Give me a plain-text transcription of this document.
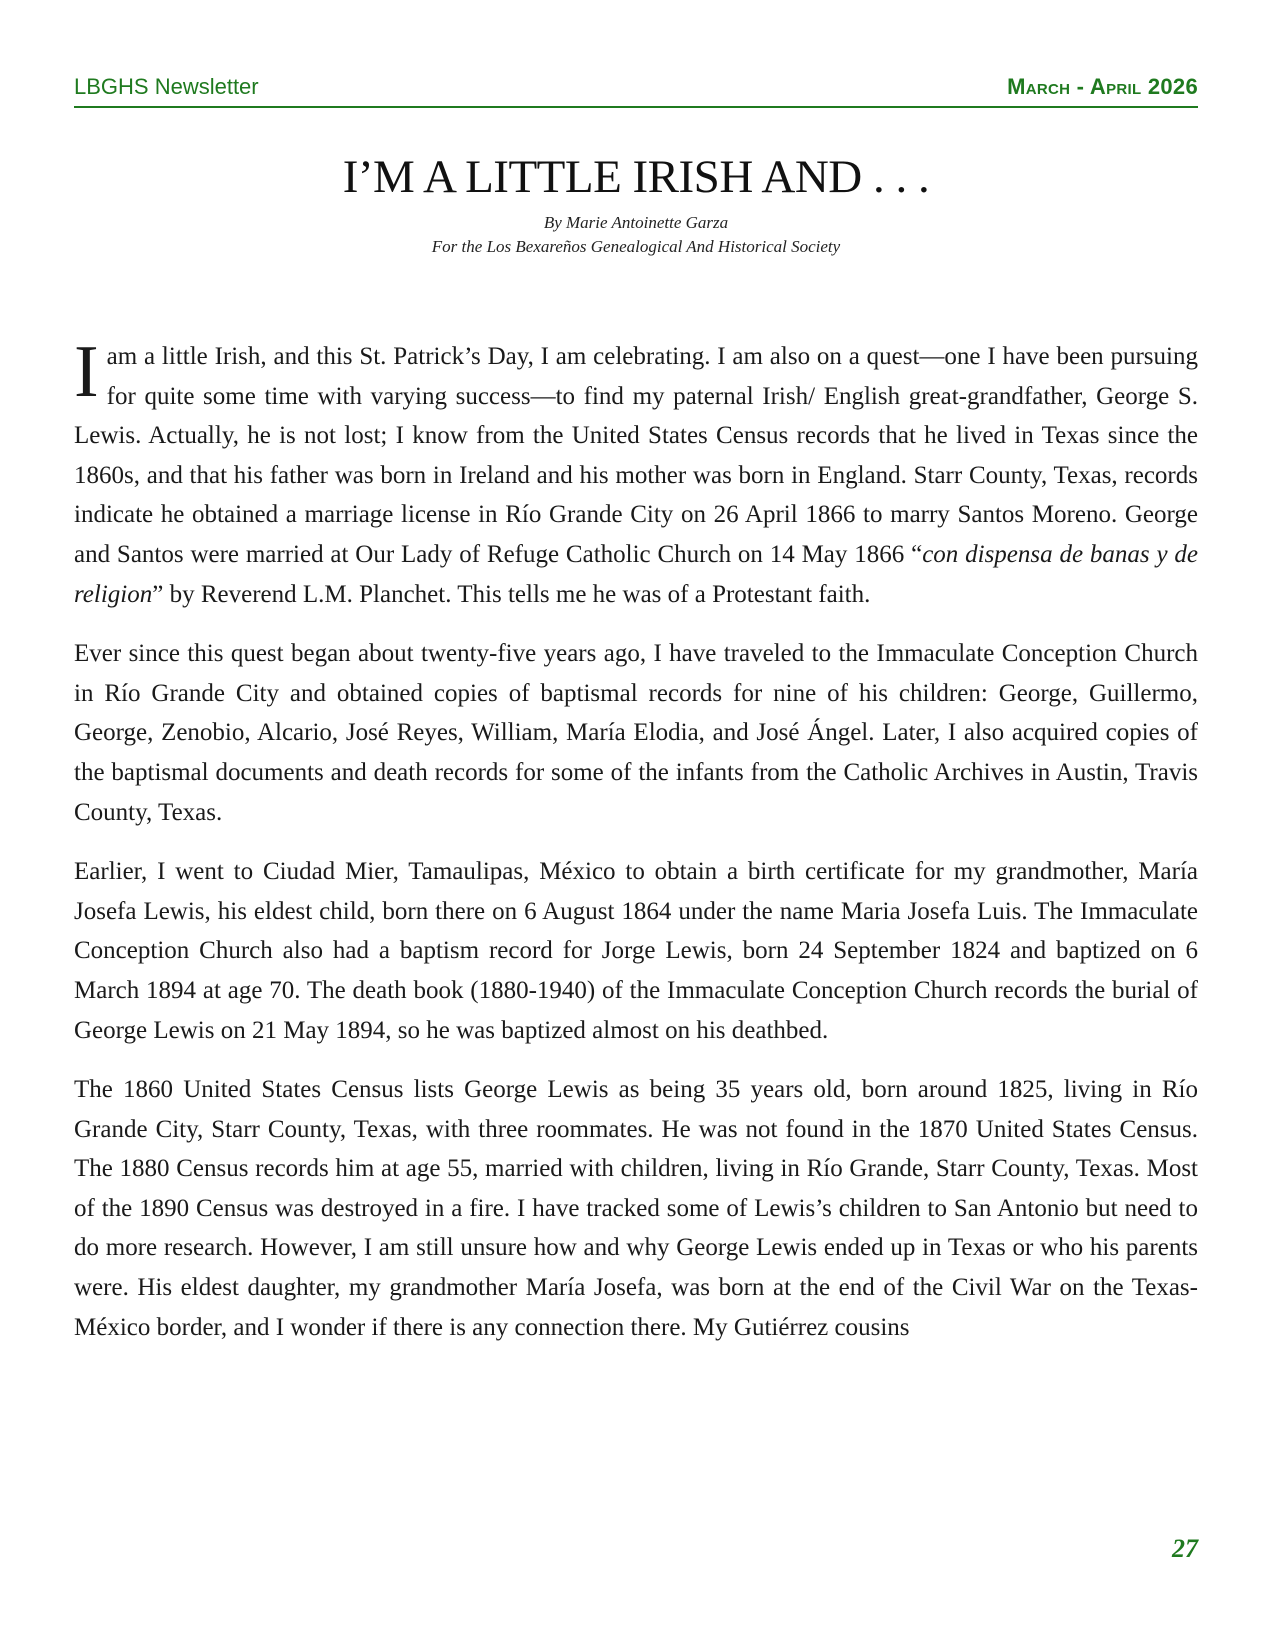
LBGHS Newsletter	March - April 2026
I’M A LITTLE IRISH AND . . .
By Marie Antoinette Garza
For the Los Bexareños Genealogical And Historical Society

I am a little Irish, and this St. Patrick’s Day, I am celebrating. I am also on a quest—one I have been pursuing for quite some time with varying success—to find my paternal Irish/ English great-grandfather, George S. Lewis. Actually, he is not lost; I know from the United States Census records that he lived in Texas since the 1860s, and that his father was born in Ireland and his mother was born in England. Starr County, Texas, records indicate he obtained a marriage license in Río Grande City on 26 April 1866 to marry Santos Moreno. George and Santos were married at Our Lady of Refuge Catholic Church on 14 May 1866 “con dispensa de banas y de religion” by Reverend L.M. Planchet. This tells me he was of a Protestant faith.

Ever since this quest began about twenty-five years ago, I have traveled to the Immaculate Conception Church in Río Grande City and obtained copies of baptismal records for nine of his children: George, Guillermo, George, Zenobio, Alcario, José Reyes, William, María Elodia, and José Ángel. Later, I also acquired copies of the baptismal documents and death records for some of the infants from the Catholic Archives in Austin, Travis County, Texas.

Earlier, I went to Ciudad Mier, Tamaulipas, México to obtain a birth certificate for my grandmother, María Josefa Lewis, his eldest child, born there on 6 August 1864 under the name Maria Josefa Luis. The Immaculate Conception Church also had a baptism record for Jorge Lewis, born 24 September 1824 and baptized on 6 March 1894 at age 70. The death book (1880-1940) of the Immaculate Conception Church records the burial of George Lewis on 21 May 1894, so he was baptized almost on his deathbed.

The 1860 United States Census lists George Lewis as being 35 years old, born around 1825, living in Río Grande City, Starr County, Texas, with three roommates. He was not found in the 1870 United States Census. The 1880 Census records him at age 55, married with children, living in Río Grande, Starr County, Texas. Most of the 1890 Census was destroyed in a fire. I have tracked some of Lewis’s children to San Antonio but need to do more research. However, I am still unsure how and why George Lewis ended up in Texas or who his parents were. His eldest daughter, my grandmother María Josefa, was born at the end of the Civil War on the Texas-México border, and I wonder if there is any connection there. My Gutiérrez cousins

27
